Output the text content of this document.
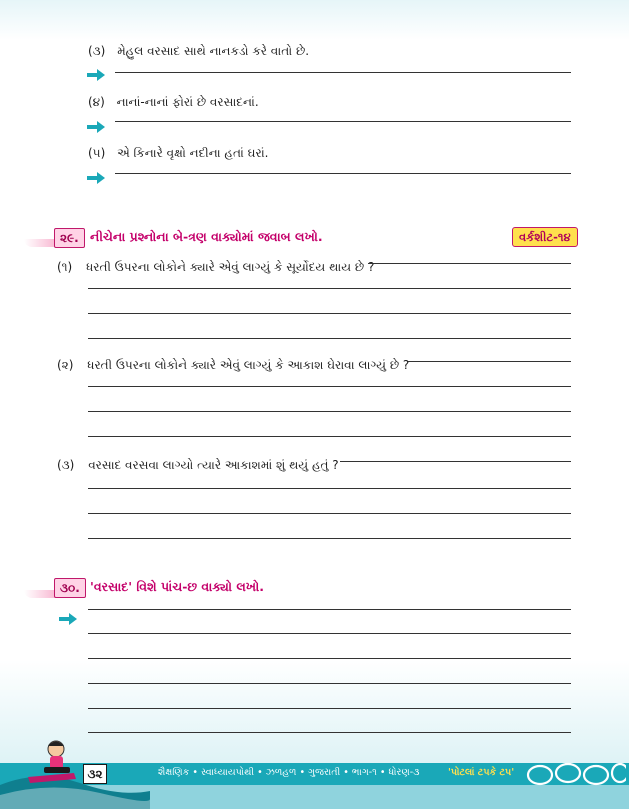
(૩) મેહુલ વરસાદ સાથે નાનકડો કરે વાતો છે.
(૪) નાનાં-નાનાં ફોરાં છે વરસાદનાં.
(૫) એ કિનારે વૃક્ષો નદીના હતાં ઘરાં.
૨૯. નીચેના પ્રશ્નોના બે-ત્રણ વાક્યોમાં જવાબ લખો.	વર્કશીટ-૧૪
(૧) ધરતી ઉપરના લોકોને ક્યારે એવું લાગ્યું કે સૂર્યોદય થાય છે ?
(૨) ધરતી ઉપરના લોકોને ક્યારે એવું લાગ્યું કે આકાશ ઘેરાવા લાગ્યું છે ?
(૩) વરસાદ વરસવા લાગ્યો ત્યારે આકાશમાં શું થયું હતું ?
૩૦. 'વરસાદ' વિશે પાંચ-છ વાક્યો લખો.
૩૨	શૈક્ષણિક • સ્વાધ્યાયપોથી • ઝળહળ • ગુજરાતી • ભાગ-૧ • ધોરણ-૩	'પોટલાં ટપકે ટપ'
